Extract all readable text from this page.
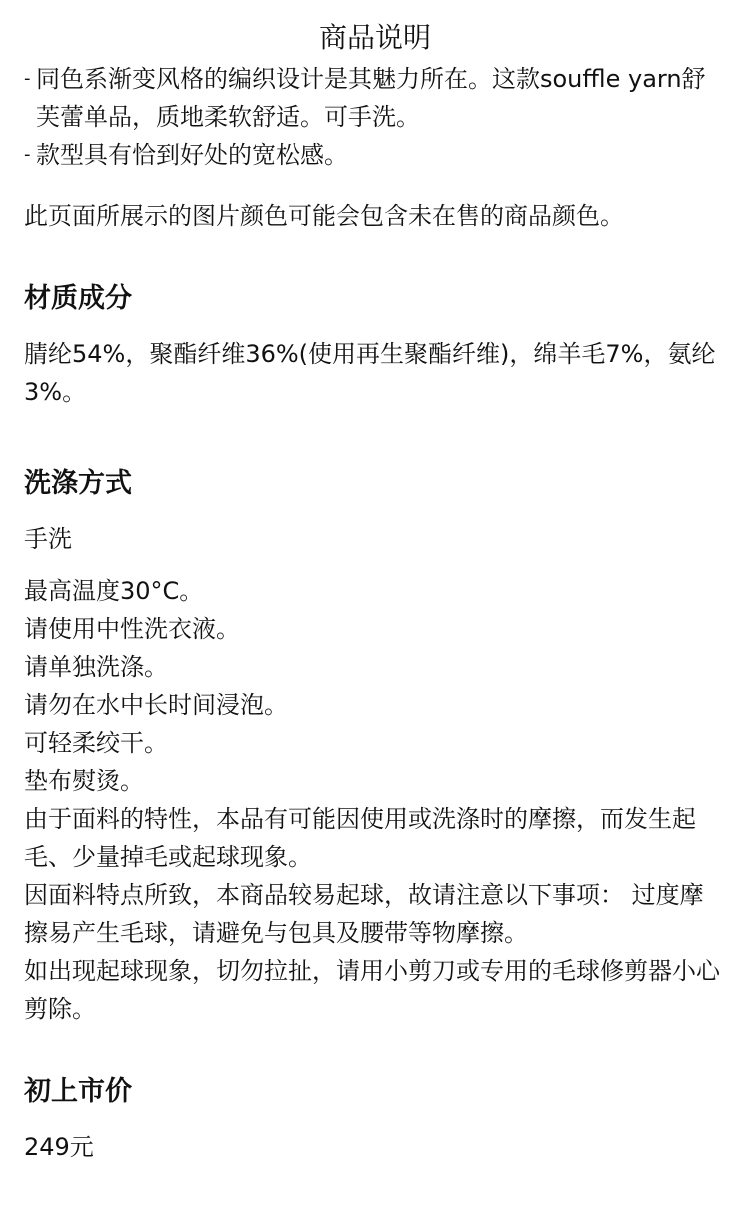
商品说明
- 同色系渐变风格的编织设计是其魅力所在。这款souffle yarn舒芙蕾单品，质地柔软舒适。可手洗。
- 款型具有恰到好处的宽松感。

此页面所展示的图片颜色可能会包含未在售的商品颜色。

材质成分

腈纶54%，聚酯纤维36%(使用再生聚酯纤维)，绵羊毛7%，氨纶3%。

洗涤方式

手洗

最高温度30°C。
请使用中性洗衣液。
请单独洗涤。
请勿在水中长时间浸泡。
可轻柔绞干。
垫布熨烫。
由于面料的特性，本品有可能因使用或洗涤时的摩擦，而发生起毛、少量掉毛或起球现象。
因面料特点所致，本商品较易起球，故请注意以下事项： 过度摩擦易产生毛球，请避免与包具及腰带等物摩擦。
如出现起球现象，切勿拉扯，请用小剪刀或专用的毛球修剪器小心剪除。
初上市价

249元
